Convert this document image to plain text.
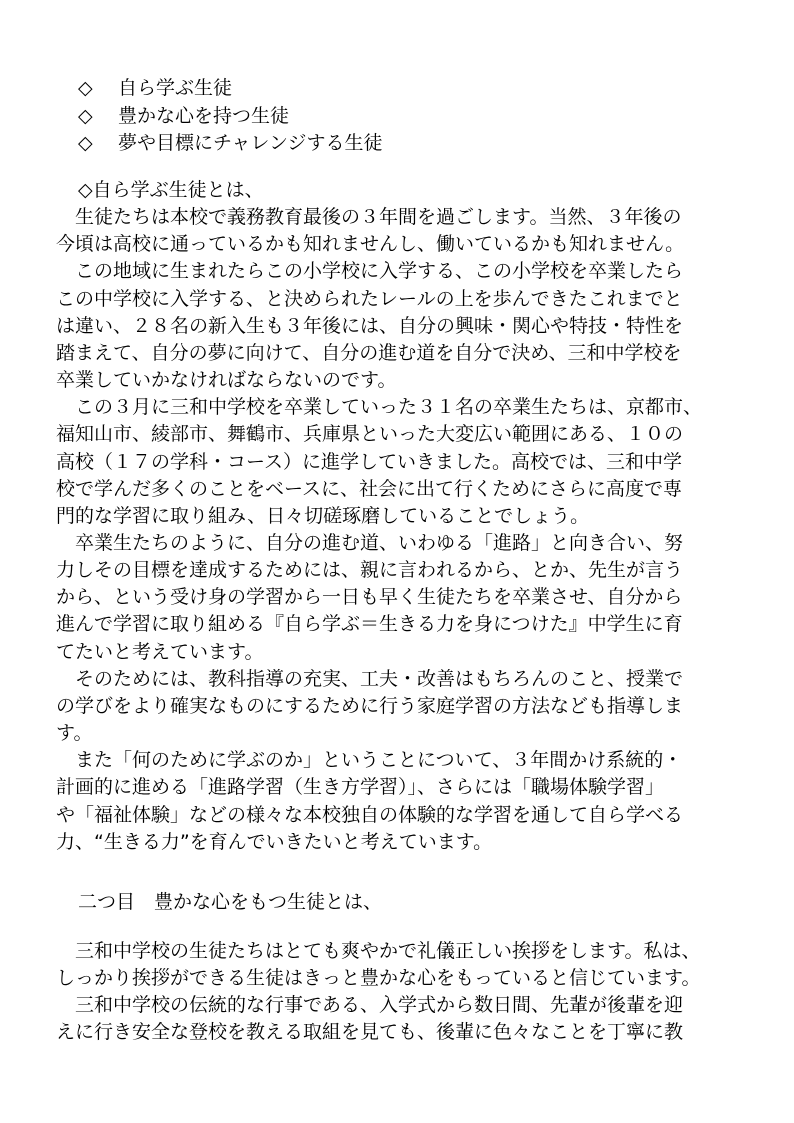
◇ 自ら学ぶ生徒

◇ 豊かな心を持つ生徒

◇ 夢や目標にチャレンジする生徒

◇自ら学ぶ生徒とは、

　生徒たちは本校で義務教育最後の３年間を過ごします。当然、３年後の

今頃は高校に通っているかも知れませんし、働いているかも知れません。

　この地域に生まれたらこの小学校に入学する、この小学校を卒業したら

この中学校に入学する、と決められたレールの上を歩んできたこれまでと

は違い、２８名の新入生も３年後には、自分の興味・関心や特技・特性を

踏まえて、自分の夢に向けて、自分の進む道を自分で決め、三和中学校を

卒業していかなければならないのです。

　この３月に三和中学校を卒業していった３１名の卒業生たちは、京都市、

福知山市、綾部市、舞鶴市、兵庫県といった大変広い範囲にある、１０の

高校（１７の学科・コース）に進学していきました。高校では、三和中学

校で学んだ多くのことをベースに、社会に出て行くためにさらに高度で専

門的な学習に取り組み、日々切磋琢磨していることでしょう。

　卒業生たちのように、自分の進む道、いわゆる「進路」と向き合い、努

力しその目標を達成するためには、親に言われるから、とか、先生が言う

から、という受け身の学習から一日も早く生徒たちを卒業させ、自分から

進んで学習に取り組める『自ら学ぶ＝生きる力を身につけた』中学生に育

てたいと考えています。

　そのためには、教科指導の充実、工夫・改善はもちろんのこと、授業で

の学びをより確実なものにするために行う家庭学習の方法なども指導しま

す。

　また「何のために学ぶのか」ということについて、３年間かけ系統的・

計画的に進める「進路学習（生き方学習）」、さらには「職場体験学習」

や「福祉体験」などの様々な本校独自の体験的な学習を通して自ら学べる

力、“生きる力”を育んでいきたいと考えています。

二つ目　豊かな心をもつ生徒とは、

　三和中学校の生徒たちはとても爽やかで礼儀正しい挨拶をします。私は、

しっかり挨拶ができる生徒はきっと豊かな心をもっていると信じています。

　三和中学校の伝統的な行事である、入学式から数日間、先輩が後輩を迎

えに行き安全な登校を教える取組を見ても、後輩に色々なことを丁寧に教
